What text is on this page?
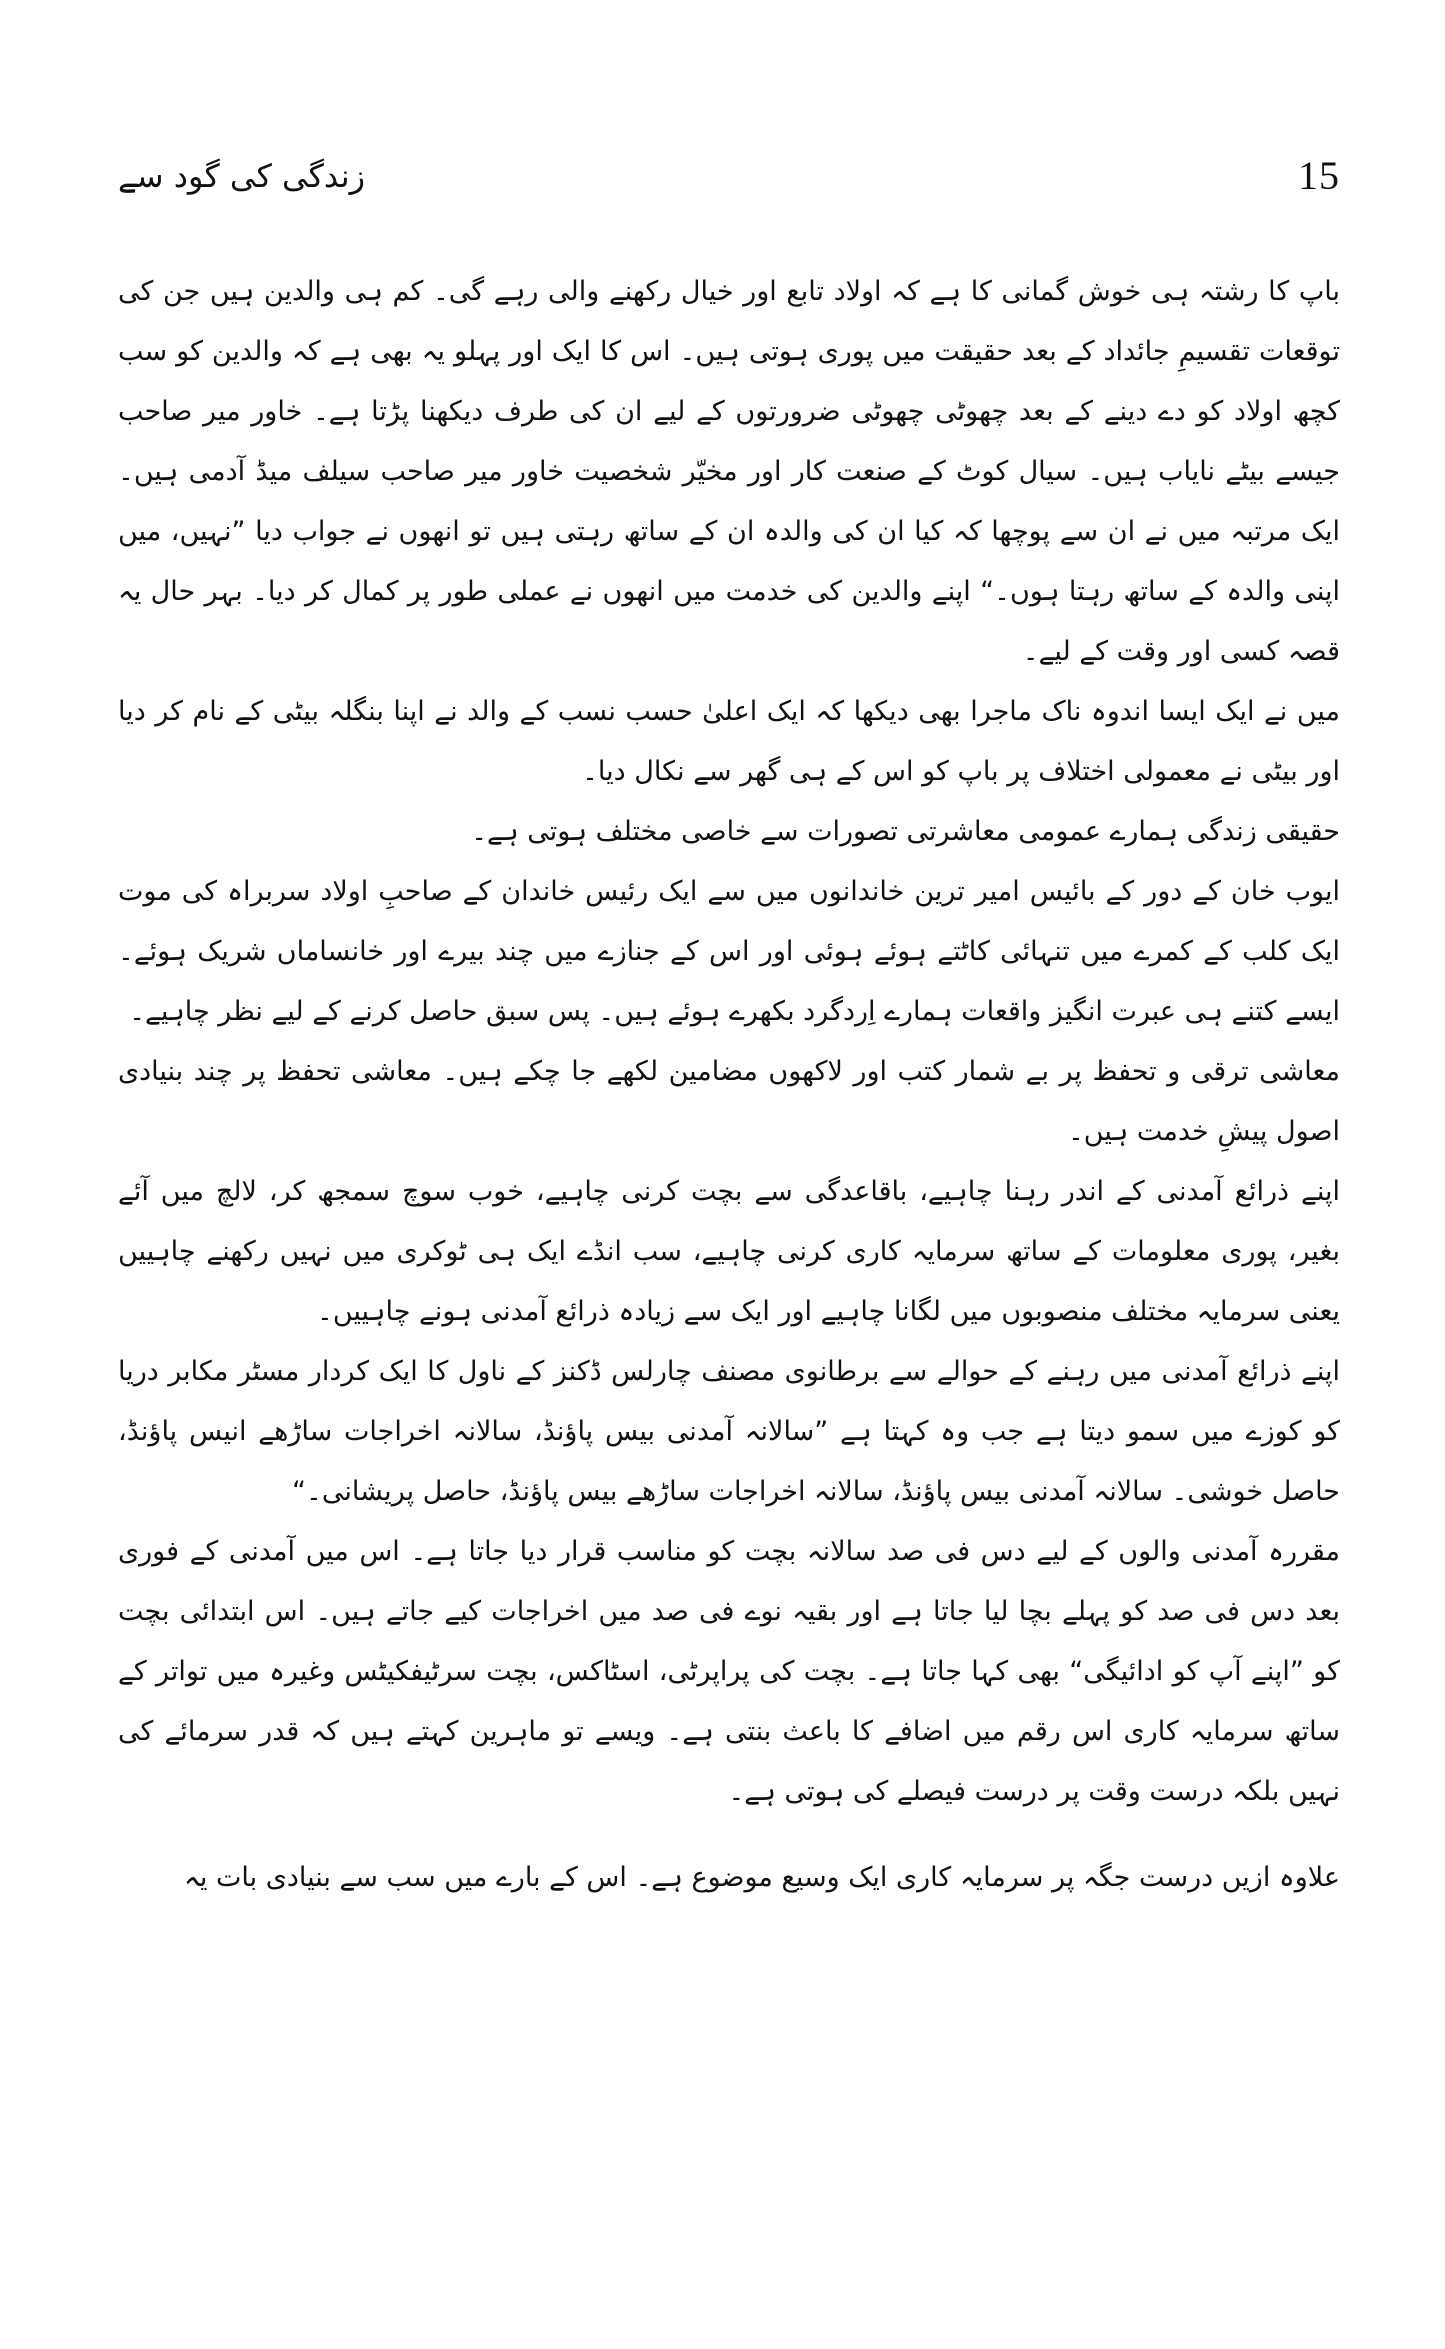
15
زندگی کی گود سے

باپ کا رشتہ ہی خوش گمانی کا ہے کہ اولاد تابع اور خیال رکھنے والی رہے گی۔ کم ہی والدین ہیں جن کی توقعات تقسیمِ جائداد کے بعد حقیقت میں پوری ہوتی ہیں۔ اس کا ایک اور پہلو یہ بھی ہے کہ والدین کو سب کچھ اولاد کو دے دینے کے بعد چھوٹی چھوٹی ضرورتوں کے لیے ان کی طرف دیکھنا پڑتا ہے۔ خاور میر صاحب جیسے بیٹے نایاب ہیں۔ سیال کوٹ کے صنعت کار اور مخیّر شخصیت خاور میر صاحب سیلف میڈ آدمی ہیں۔ ایک مرتبہ میں نے ان سے پوچھا کہ کیا ان کی والدہ ان کے ساتھ رہتی ہیں تو انھوں نے جواب دیا ”نہیں، میں اپنی والدہ کے ساتھ رہتا ہوں۔“ اپنے والدین کی خدمت میں انھوں نے عملی طور پر کمال کر دیا۔ بہر حال یہ قصہ کسی اور وقت کے لیے۔

میں نے ایک ایسا اندوہ ناک ماجرا بھی دیکھا کہ ایک اعلیٰ حسب نسب کے والد نے اپنا بنگلہ بیٹی کے نام کر دیا اور بیٹی نے معمولی اختلاف پر باپ کو اس کے ہی گھر سے نکال دیا۔

حقیقی زندگی ہمارے عمومی معاشرتی تصورات سے خاصی مختلف ہوتی ہے۔

ایوب خان کے دور کے بائیس امیر ترین خاندانوں میں سے ایک رئیس خاندان کے صاحبِ اولاد سربراہ کی موت ایک کلب کے کمرے میں تنہائی کاٹتے ہوئے ہوئی اور اس کے جنازے میں چند بیرے اور خانساماں شریک ہوئے۔ ایسے کتنے ہی عبرت انگیز واقعات ہمارے اِردگرد بکھرے ہوئے ہیں۔ پس سبق حاصل کرنے کے لیے نظر چاہیے۔

معاشی ترقی و تحفظ پر بے شمار کتب اور لاکھوں مضامین لکھے جا چکے ہیں۔ معاشی تحفظ پر چند بنیادی اصول پیشِ خدمت ہیں۔

اپنے ذرائع آمدنی کے اندر رہنا چاہیے، باقاعدگی سے بچت کرنی چاہیے، خوب سوچ سمجھ کر، لالچ میں آئے بغیر، پوری معلومات کے ساتھ سرمایہ کاری کرنی چاہیے، سب انڈے ایک ہی ٹوکری میں نہیں رکھنے چاہییں یعنی سرمایہ مختلف منصوبوں میں لگانا چاہیے اور ایک سے زیادہ ذرائع آمدنی ہونے چاہییں۔

اپنے ذرائع آمدنی میں رہنے کے حوالے سے برطانوی مصنف چارلس ڈکنز کے ناول کا ایک کردار مسٹر مکابر دریا کو کوزے میں سمو دیتا ہے جب وہ کہتا ہے ”سالانہ آمدنی بیس پاؤنڈ، سالانہ اخراجات ساڑھے انیس پاؤنڈ، حاصل خوشی۔ سالانہ آمدنی بیس پاؤنڈ، سالانہ اخراجات ساڑھے بیس پاؤنڈ، حاصل پریشانی۔“

مقررہ آمدنی والوں کے لیے دس فی صد سالانہ بچت کو مناسب قرار دیا جاتا ہے۔ اس میں آمدنی کے فوری بعد دس فی صد کو پہلے بچا لیا جاتا ہے اور بقیہ نوے فی صد میں اخراجات کیے جاتے ہیں۔ اس ابتدائی بچت کو ”اپنے آپ کو ادائیگی“ بھی کہا جاتا ہے۔ بچت کی پراپرٹی، اسٹاکس، بچت سرٹیفکیٹس وغیرہ میں تواتر کے ساتھ سرمایہ کاری اس رقم میں اضافے کا باعث بنتی ہے۔ ویسے تو ماہرین کہتے ہیں کہ قدر سرمائے کی نہیں بلکہ درست وقت پر درست فیصلے کی ہوتی ہے۔

علاوہ ازیں درست جگہ پر سرمایہ کاری ایک وسیع موضوع ہے۔ اس کے بارے میں سب سے بنیادی بات یہ
